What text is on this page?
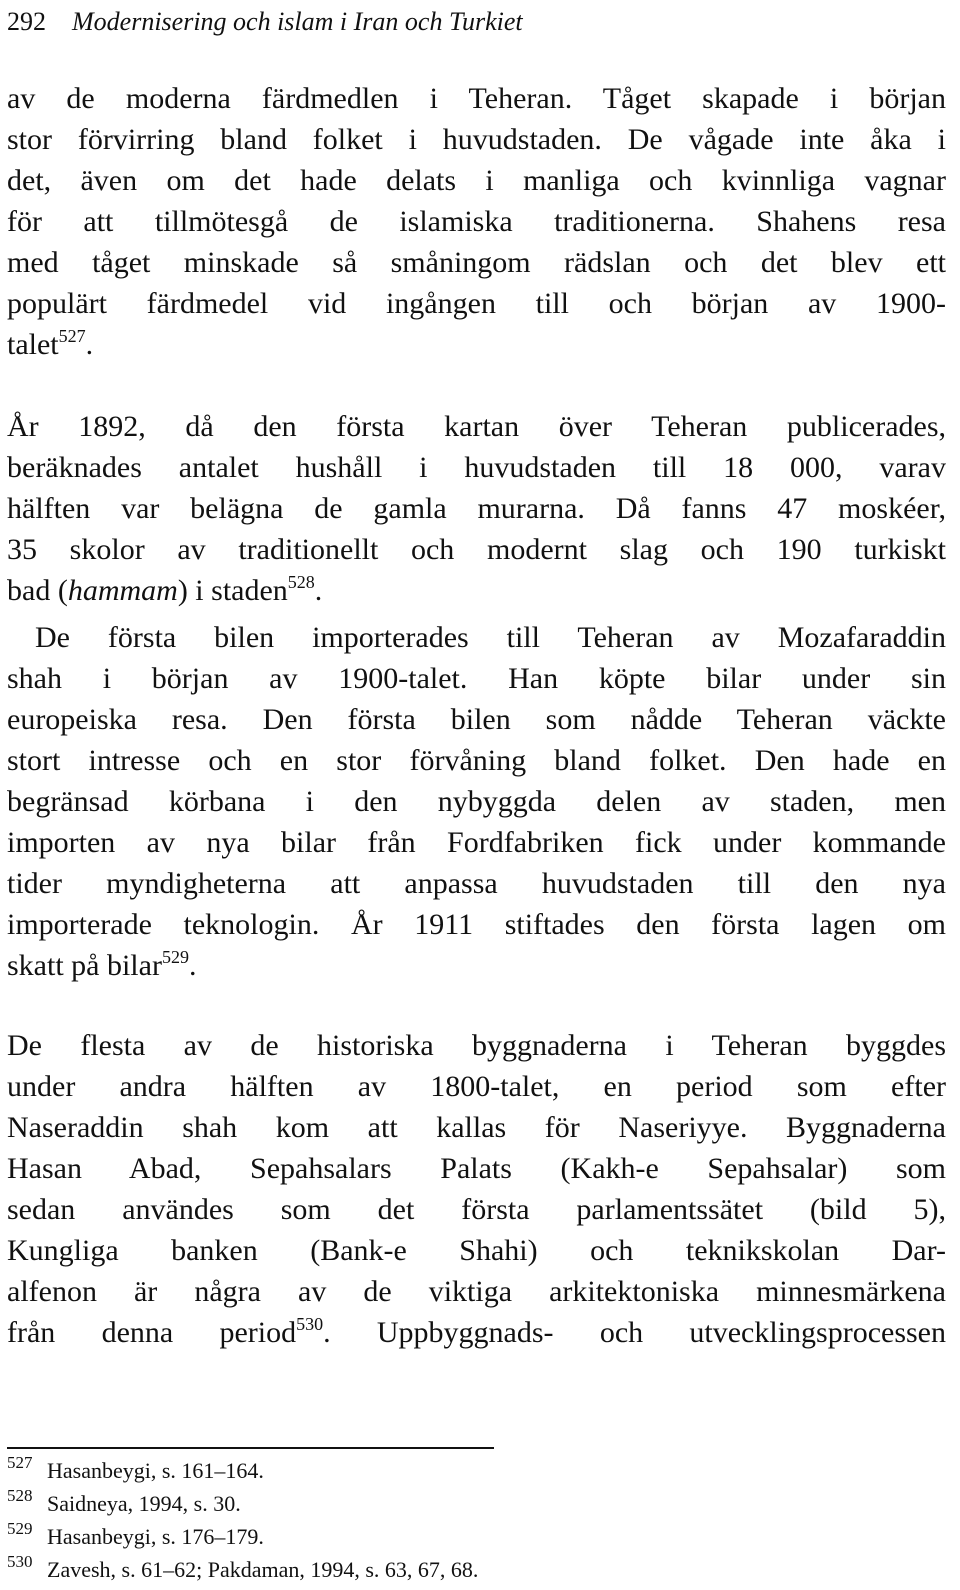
292 Modernisering och islam i Iran och Turkiet
av de moderna färdmedlen i Teheran. Tåget skapade i början
stor förvirring bland folket i huvudstaden. De vågade inte åka i
det, även om det hade delats i manliga och kvinnliga vagnar
för att tillmötesgå de islamiska traditionerna. Shahens resa
med tåget minskade så småningom rädslan och det blev ett
populärt färdmedel vid ingången till och början av 1900-
talet$^{527}$.
År 1892, då den första kartan över Teheran publicerades,
beräknades antalet hushåll i huvudstaden till 18 000, varav
hälften var belägna de gamla murarna. Då fanns 47 moskéer,
35 skolor av traditionellt och modernt slag och 190 turkiskt
bad (hammam) i staden$^{528}$.
De första bilen importerades till Teheran av Mozafaraddin
shah i början av 1900-talet. Han köpte bilar under sin
europeiska resa. Den första bilen som nådde Teheran väckte
stort intresse och en stor förvåning bland folket. Den hade en
begränsad körbana i den nybyggda delen av staden, men
importen av nya bilar från Fordfabriken fick under kommande
tider myndigheterna att anpassa huvudstaden till den nya
importerade teknologin. År 1911 stiftades den första lagen om
skatt på bilar$^{529}$.
De flesta av de historiska byggnaderna i Teheran byggdes
under andra hälften av 1800-talet, en period som efter
Naseraddin shah kom att kallas för Naseriyye. Byggnaderna
Hasan Abad, Sepahsalars Palats (Kakh-e Sepahsalar) som
sedan användes som det första parlamentssätet (bild 5),
Kungliga banken (Bank-e Shahi) och teknikskolan Dar-
alfenon är några av de viktiga arkitektoniska minnesmärkena
från denna period$^{530}$. Uppbyggnads- och utvecklingsprocessen
527 Hasanbeygi, s. 161–164.
528 Saidneya, 1994, s. 30.
529 Hasanbeygi, s. 176–179.
530 Zavesh, s. 61–62; Pakdaman, 1994, s. 63, 67, 68.
